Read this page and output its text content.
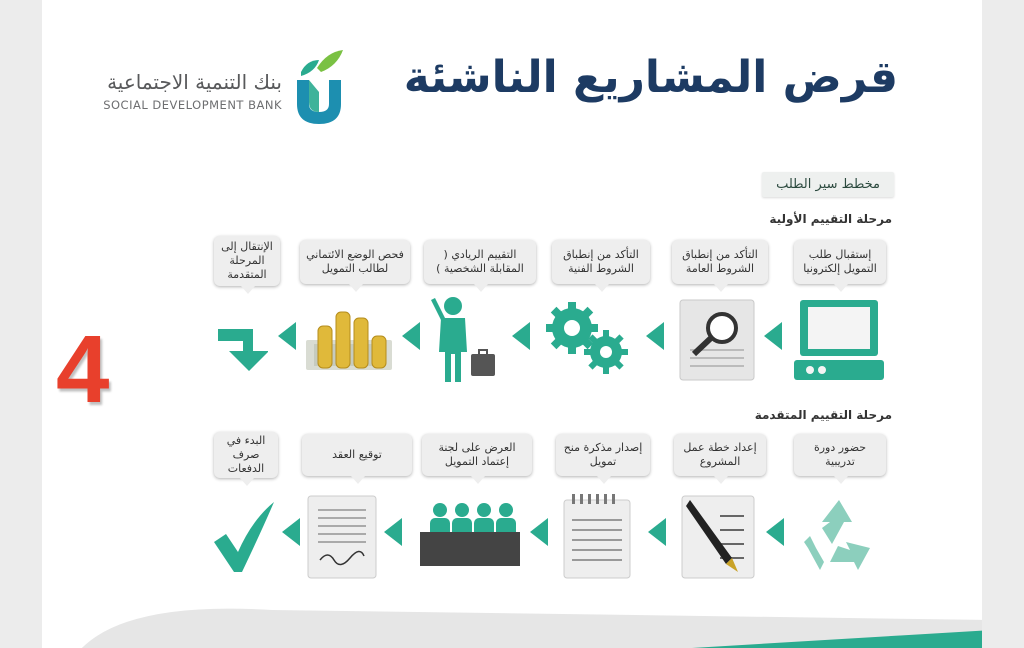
قرض المشاريع الناشئة
بنك التنمية الاجتماعية
SOCIAL DEVELOPMENT BANK
مخطط سير الطلب
مرحلة التقييم الأولية
مرحلة التقييم المتقدمة
4
إستقبال طلب التمويل إلكترونيا
التأكد من إنطباق الشروط العامة
التأكد من إنطباق الشروط الفنية
التقييم الريادي ( المقابلة الشخصية )
فحص الوضع الائتماني لطالب التمويل
الإنتقال إلى المرحلة المتقدمة
حضور دورة تدريبية
إعداد خطة عمل المشروع
إصدار مذكرة منح تمويل
العرض على لجنة إعتماد التمويل
توقيع العقد
البدء في صرف الدفعات
